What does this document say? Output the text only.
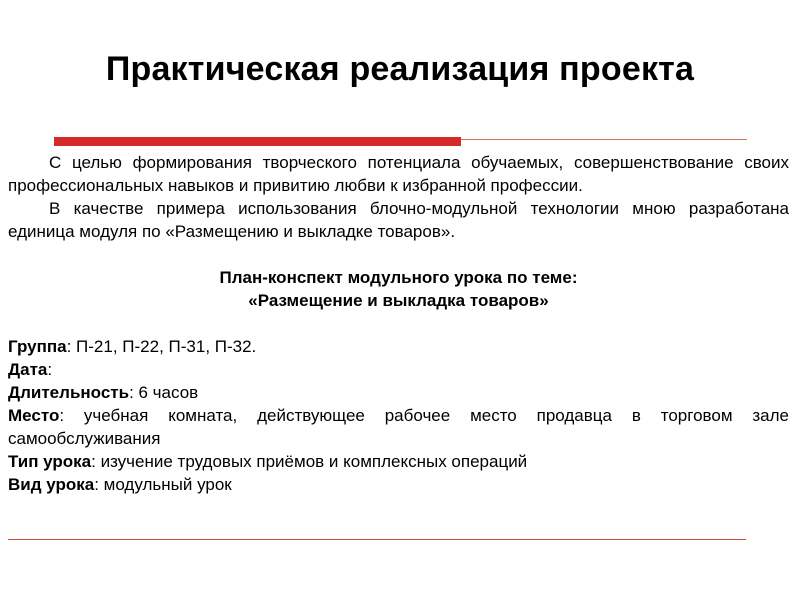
Практическая реализация проекта

С целью формирования творческого потенциала обучаемых, совершенствование своих профессиональных навыков и привитию любви к избранной профессии.

В качестве примера использования блочно-модульной технологии мною разработана единица модуля по «Размещению и выкладке товаров».

План-конспект модульного урока по теме:

«Размещение и выкладка товаров»

Группа: П-21, П-22, П-31, П-32.

Дата:

Длительность: 6 часов

Место: учебная комната, действующее рабочее место продавца в торговом зале самообслуживания

Тип урока: изучение трудовых приёмов и комплексных операций

Вид урока: модульный урок
